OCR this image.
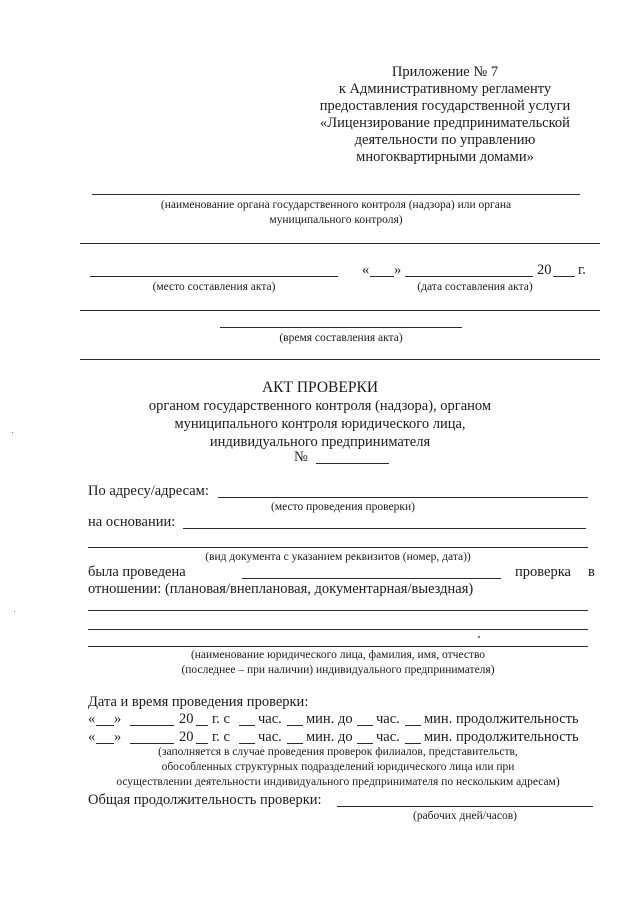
Приложение № 7
к Административному регламенту
предоставления государственной услуги
«Лицензирование предпринимательской
деятельности по управлению
многоквартирными домами»
(наименование органа государственного контроля (надзора) или органа
муниципального контроля)
(место составления акта)
« »	20 г.
(дата составления акта)
(время составления акта)
АКТ ПРОВЕРКИ
органом государственного контроля (надзора), органом
муниципального контроля юридического лица,
индивидуального предпринимателя
№
По адресу/адресам:
(место проведения проверки)
на основании:
(вид документа с указанием реквизитов (номер, дата))
была проведена	проверка в
отношении: (плановая/внеплановая, документарная/выездная)
(наименование юридического лица, фамилия, имя, отчество
(последнее – при наличии) индивидуального предпринимателя)
Дата и время проведения проверки:
« »	20 г. с час. мин. до час. мин. продолжительность
« »	20 г. с час. мин. до час. мин. продолжительность
(заполняется в случае проведения проверок филиалов, представительств,
обособленных структурных подразделений юридического лица или при
осуществлении деятельности индивидуального предпринимателя по нескольким адресам)
Общая продолжительность проверки:
(рабочих дней/часов)
